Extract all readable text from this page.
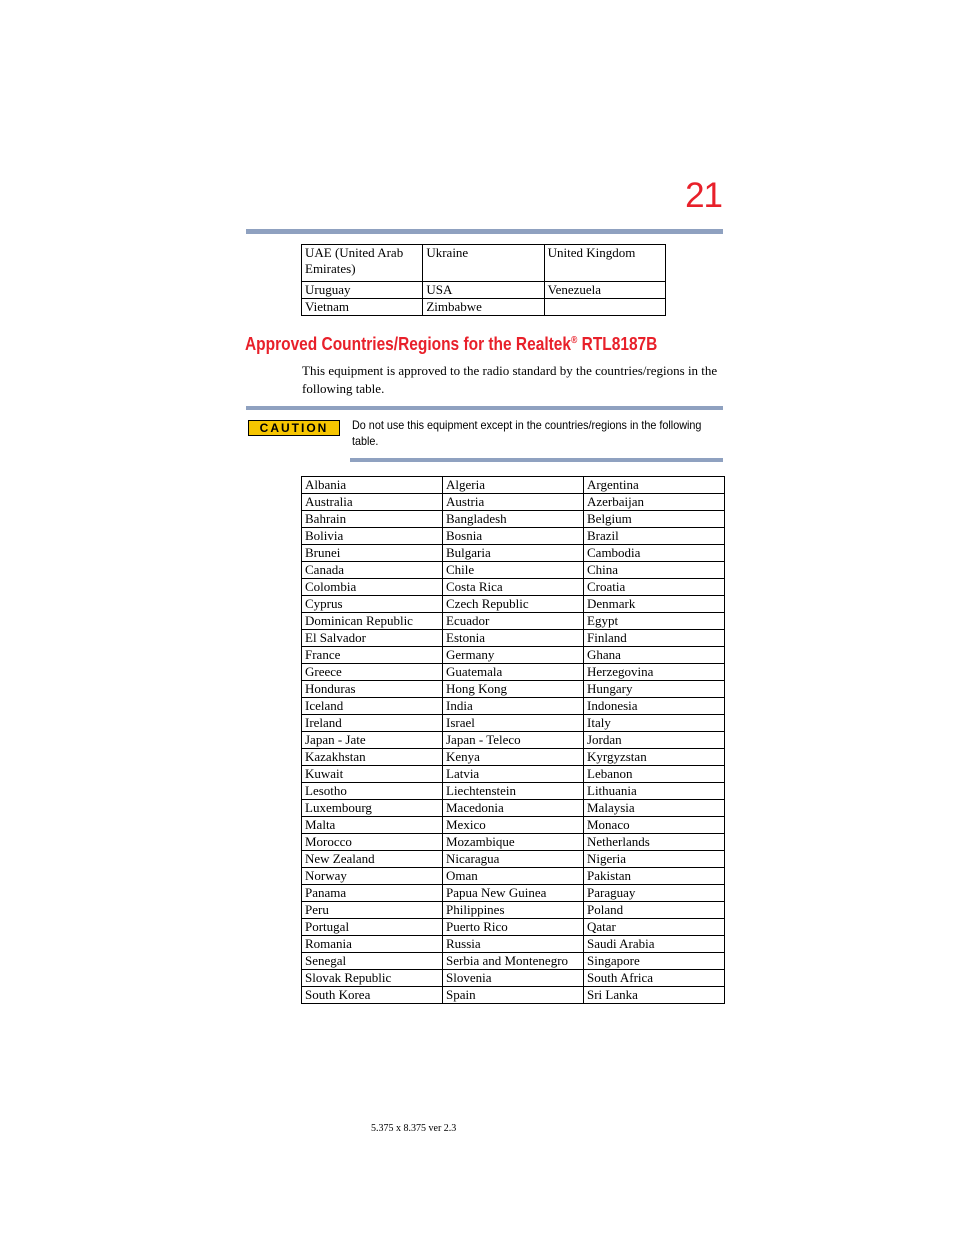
21
UAE (United Arab Emirates)	Ukraine	United Kingdom
Uruguay	USA	Venezuela
Vietnam	Zimbabwe	
Approved Countries/Regions for the Realtek® RTL8187B

This equipment is approved to the radio standard by the countries/regions in the following table.

CAUTION	Do not use this equipment except in the countries/regions in the following table.

Albania	Algeria	Argentina
Australia	Austria	Azerbaijan
Bahrain	Bangladesh	Belgium
Bolivia	Bosnia	Brazil
Brunei	Bulgaria	Cambodia
Canada	Chile	China
Colombia	Costa Rica	Croatia
Cyprus	Czech Republic	Denmark
Dominican Republic	Ecuador	Egypt
El Salvador	Estonia	Finland
France	Germany	Ghana
Greece	Guatemala	Herzegovina
Honduras	Hong Kong	Hungary
Iceland	India	Indonesia
Ireland	Israel	Italy
Japan - Jate	Japan - Teleco	Jordan
Kazakhstan	Kenya	Kyrgyzstan
Kuwait	Latvia	Lebanon
Lesotho	Liechtenstein	Lithuania
Luxembourg	Macedonia	Malaysia
Malta	Mexico	Monaco
Morocco	Mozambique	Netherlands
New Zealand	Nicaragua	Nigeria
Norway	Oman	Pakistan
Panama	Papua New Guinea	Paraguay
Peru	Philippines	Poland
Portugal	Puerto Rico	Qatar
Romania	Russia	Saudi Arabia
Senegal	Serbia and Montenegro	Singapore
Slovak Republic	Slovenia	South Africa
South Korea	Spain	Sri Lanka

5.375 x 8.375 ver 2.3
